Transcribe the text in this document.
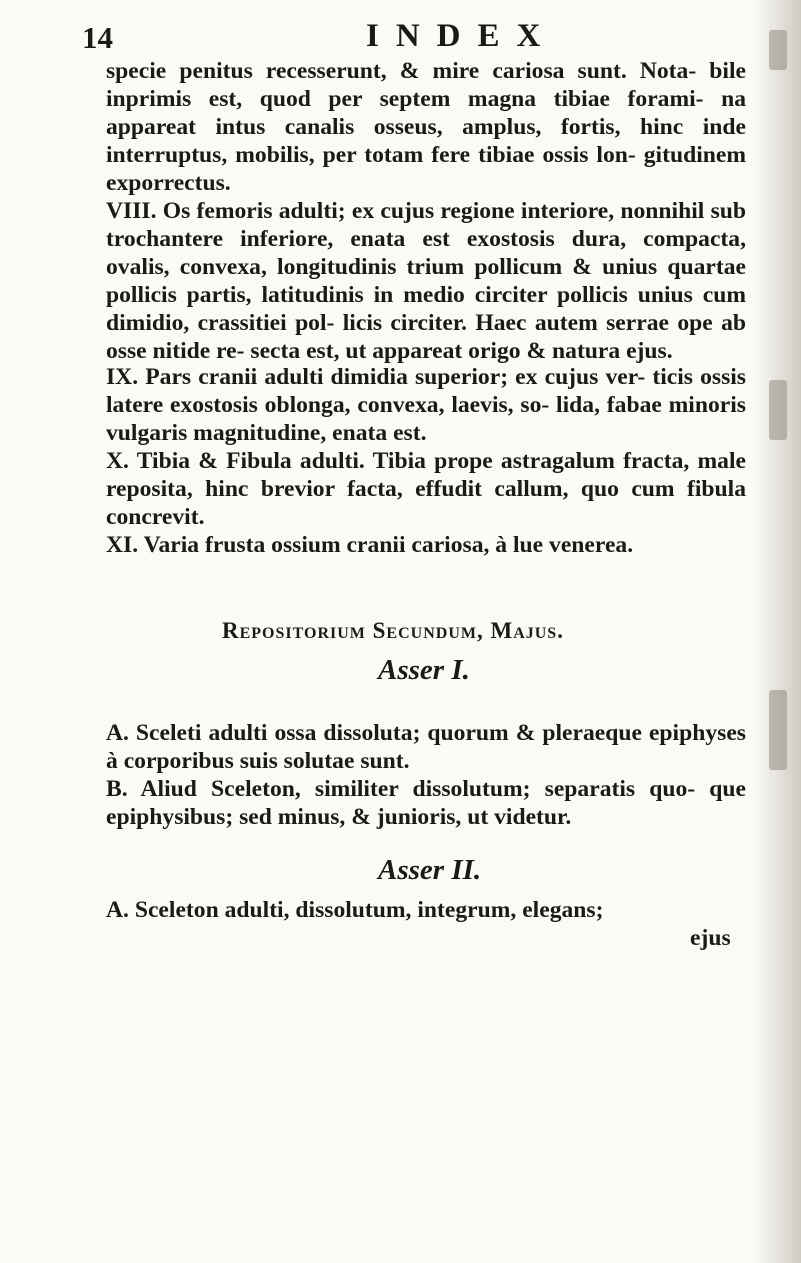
14	INDEX

specie penitus recesserunt, & mire cariosa sunt. Nota- bile inprimis est, quod per septem magna tibiae forami- na appareat intus canalis osseus, amplus, fortis, hinc inde interruptus, mobilis, per totam fere tibiae ossis lon- gitudinem exporrectus.

VIII. Os femoris adulti; ex cujus regione interiore, nonnihil sub trochantere inferiore, enata est exostosis dura, compacta, ovalis, convexa, longitudinis trium pollicum & unius quartae pollicis partis, latitudinis in medio circiter pollicis unius cum dimidio, crassitiei pol- licis circiter. Haec autem serrae ope ab osse nitide re- secta est, ut appareat origo & natura ejus.

IX. Pars cranii adulti dimidia superior; ex cujus ver- ticis ossis latere exostosis oblonga, convexa, laevis, so- lida, fabae minoris vulgaris magnitudine, enata est.

X. Tibia & Fibula adulti. Tibia prope astragalum fracta, male reposita, hinc brevior facta, effudit callum, quo cum fibula concrevit.

XI. Varia frusta ossium cranii cariosa, à lue venerea.

Repositorium Secundum, Majus.
Asser I.

A. Sceleti adulti ossa dissoluta; quorum & pleraeque epiphyses à corporibus suis solutae sunt.

B. Aliud Sceleton, similiter dissolutum; separatis quo- que epiphysibus; sed minus, & junioris, ut videtur.

Asser II.

A. Sceleton adulti, dissolutum, integrum, elegans;

ejus
